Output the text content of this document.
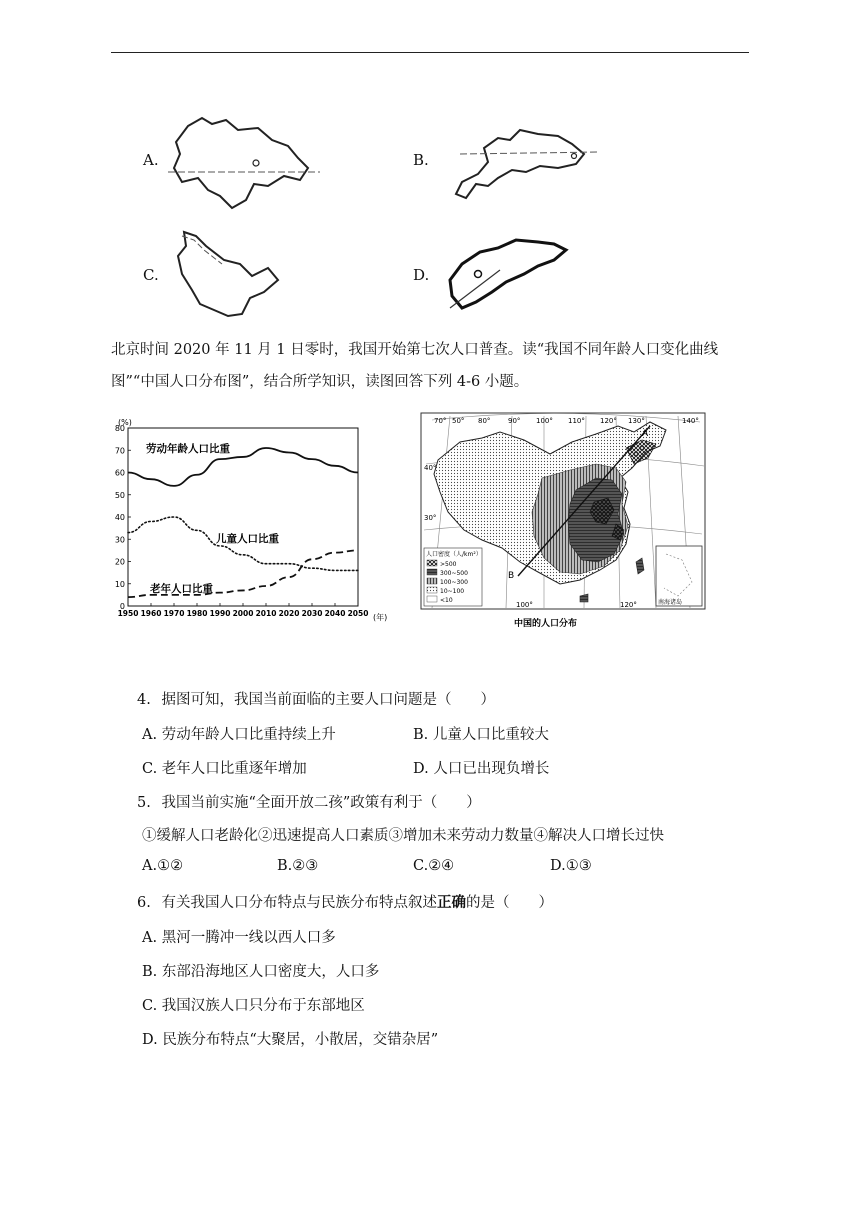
A.	B.
C.	D.
北京时间 2020 年 11 月 1 日零时，我国开始第七次人口普查。读“我国不同年龄人口变化曲线图”“中国人口分布图”，结合所学知识，读图回答下列 4-6 小题。
(%)
(年)
0
10
20
30
40
50
60
70
80
1950 1960 1970 1980 1990 2000 2010 2020 2030 2040 2050
劳动年龄人口比重
儿童人口比重
老年人口比重
人口密度（人/km²）
>500
300~500
100~300
10~100
<10	南海诸岛
70° 50° 80°	90° 100° 110° 120° 130°	140°
100°	120°
40°
30°
A
B
中国的人口分布
4. 据图可知，我国当前面临的主要人口问题是（　　）
A. 劳动年龄人口比重持续上升	B. 儿童人口比重较大
C. 老年人口比重逐年增加	D. 人口已出现负增长
5. 我国当前实施“全面开放二孩”政策有利于（　　）
①缓解人口老龄化②迅速提高人口素质③增加未来劳动力数量④解决人口增长过快
A.①②	B.②③	C.②④	D.①③
6. 有关我国人口分布特点与民族分布特点叙述正确的是（　　）
A. 黑河一腾冲一线以西人口多
B. 东部沿海地区人口密度大，人口多
C. 我国汉族人口只分布于东部地区
D. 民族分布特点“大聚居，小散居，交错杂居”
